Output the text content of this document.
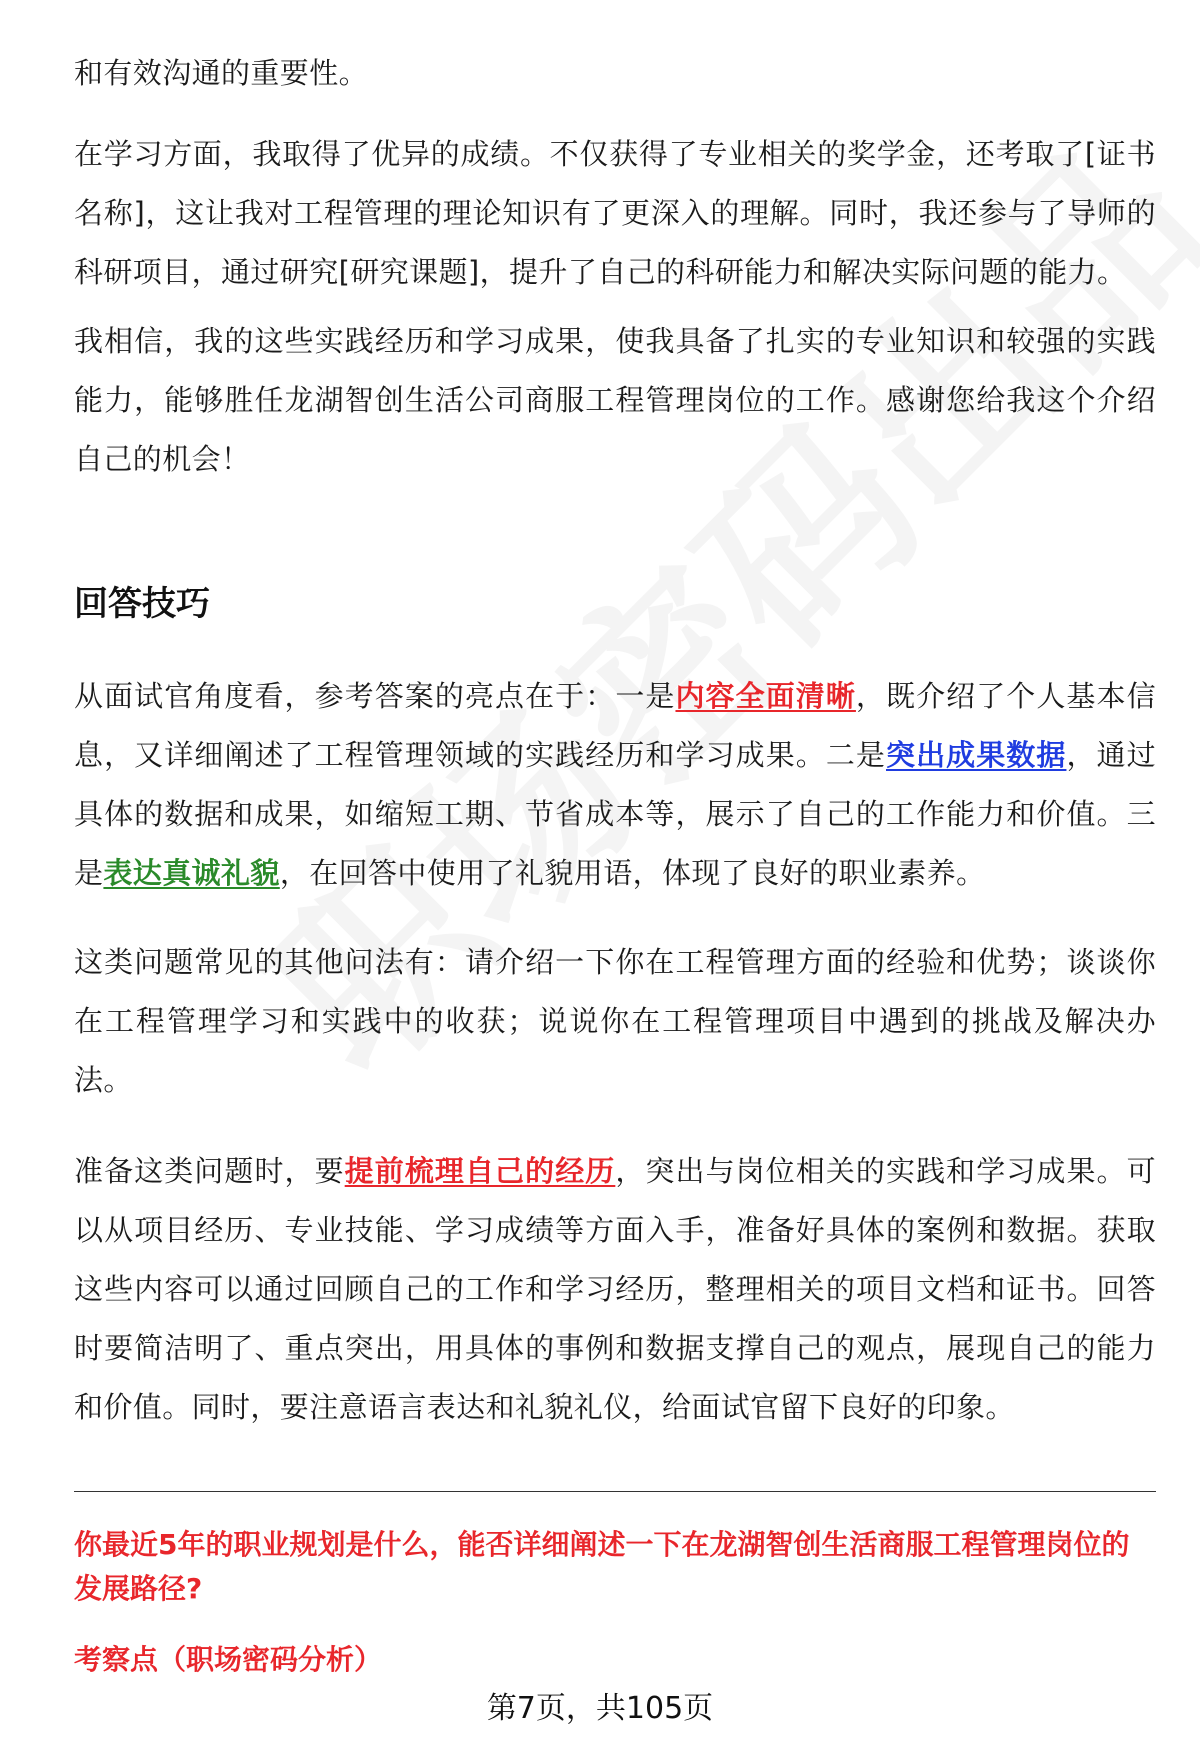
和有效沟通的重要性。

在学习方面，我取得了优异的成绩。不仅获得了专业相关的奖学金，还考取了[证书名称]，这让我对工程管理的理论知识有了更深入的理解。同时，我还参与了导师的科研项目，通过研究[研究课题]，提升了自己的科研能力和解决实际问题的能力。

我相信，我的这些实践经历和学习成果，使我具备了扎实的专业知识和较强的实践能力，能够胜任龙湖智创生活公司商服工程管理岗位的工作。感谢您给我这个介绍自己的机会！

回答技巧

从面试官角度看，参考答案的亮点在于：一是内容全面清晰，既介绍了个人基本信息，又详细阐述了工程管理领域的实践经历和学习成果。二是突出成果数据，通过具体的数据和成果，如缩短工期、节省成本等，展示了自己的工作能力和价值。三是表达真诚礼貌，在回答中使用了礼貌用语，体现了良好的职业素养。

这类问题常见的其他问法有：请介绍一下你在工程管理方面的经验和优势；谈谈你在工程管理学习和实践中的收获；说说你在工程管理项目中遇到的挑战及解决办法。

准备这类问题时，要提前梳理自己的经历，突出与岗位相关的实践和学习成果。可以从项目经历、专业技能、学习成绩等方面入手，准备好具体的案例和数据。获取这些内容可以通过回顾自己的工作和学习经历，整理相关的项目文档和证书。回答时要简洁明了、重点突出，用具体的事例和数据支撑自己的观点，展现自己的能力和价值。同时，要注意语言表达和礼貌礼仪，给面试官留下良好的印象。

你最近5年的职业规划是什么，能否详细阐述一下在龙湖智创生活商服工程管理岗位的发展路径?

考察点（职场密码分析）

第7页，共105页
